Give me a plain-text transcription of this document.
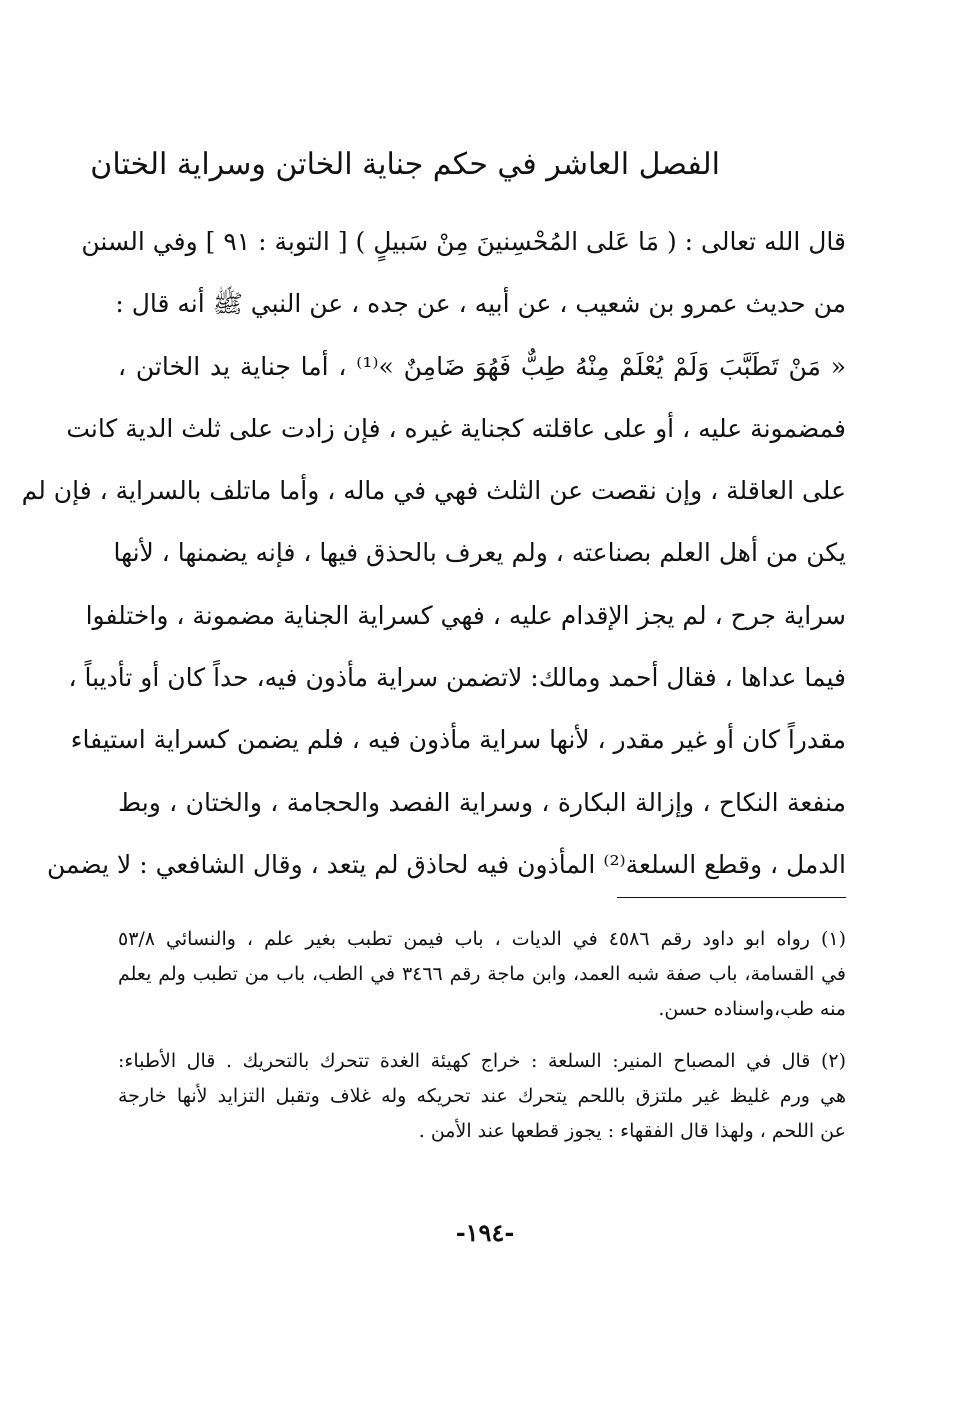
الفصل العاشر في حكم جناية الخاتن وسراية الختان
قال الله تعالى : ( مَا عَلى المُحْسِنينَ مِنْ سَبيلٍ ) [ التوبة : ٩١ ] وفي السنن
من حديث عمرو بن شعيب ، عن أبيه ، عن جده ، عن النبي ﷺ أنه قال :
« مَنْ تَطَبَّبَ وَلَمْ يُعْلَمْ مِنْهُ طِبٌّ فَهُوَ ضَامِنٌ »⁽¹⁾ ، أما جناية يد الخاتن ،
فمضمونة عليه ، أو على عاقلته كجناية غيره ، فإن زادت على ثلث الدية كانت
على العاقلة ، وإن نقصت عن الثلث فهي في ماله ، وأما ماتلف بالسراية ، فإن لم
يكن من أهل العلم بصناعته ، ولم يعرف بالحذق فيها ، فإنه يضمنها ، لأنها
سراية جرح ، لم يجز الإقدام عليه ، فهي كسراية الجناية مضمونة ، واختلفوا
فيما عداها ، فقال أحمد ومالك: لاتضمن سراية مأذون فيه، حداً كان أو تأديباً ،
مقدراً كان أو غير مقدر ، لأنها سراية مأذون فيه ، فلم يضمن كسراية استيفاء
منفعة النكاح ، وإزالة البكارة ، وسراية الفصد والحجامة ، والختان ، وبط
الدمل ، وقطع السلعة⁽²⁾ المأذون فيه لحاذق لم يتعد ، وقال الشافعي : لا يضمن
(١) رواه ابو داود رقم ٤٥٨٦ في الديات ، باب فيمن تطبب بغير علم ، والنسائي ٥٣/٨
في القسامة، باب صفة شبه العمد، وابن ماجة رقم ٣٤٦٦ في الطب، باب من تطبب ولم يعلم
منه طب،واسناده حسن.
(٢) قال في المصباح المنير: السلعة : خراج كهيئة الغدة تتحرك بالتحريك . قال الأطباء:
هي ورم غليظ غير ملتزق باللحم يتحرك عند تحريكه وله غلاف وتقبل التزايد لأنها خارجة
عن اللحم ، ولهذا قال الفقهاء : يجوز قطعها عند الأمن .
-١٩٤-
